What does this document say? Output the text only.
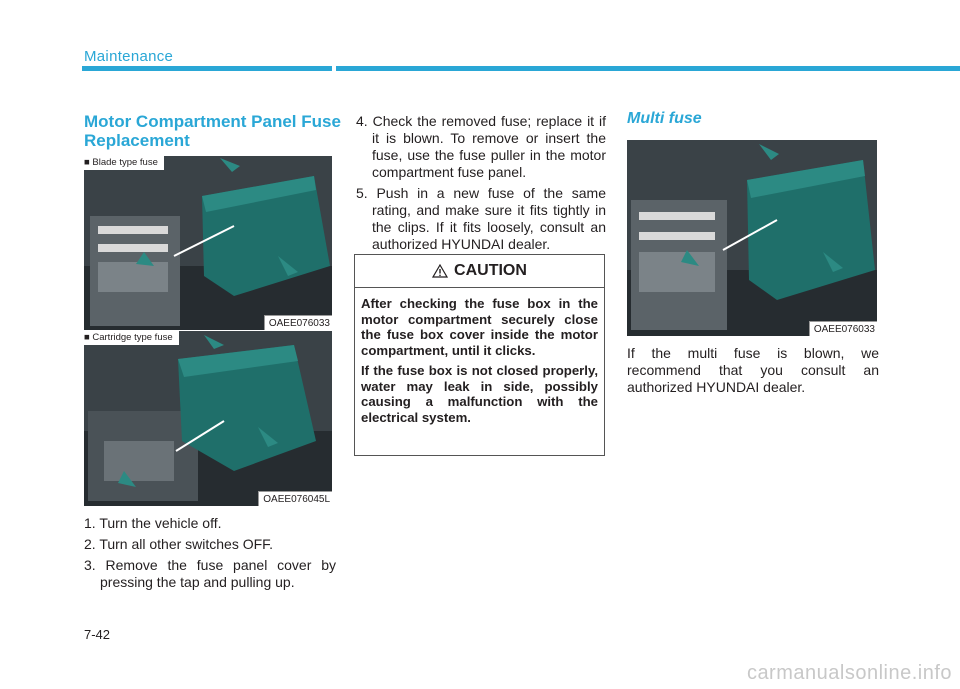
Maintenance
Motor Compartment Panel Fuse Replacement
■ Blade type fuse
OAEE076033
■ Cartridge type fuse
OAEE076045L
1. Turn the vehicle off.
2. Turn all other switches OFF.
3. Remove the fuse panel cover by pressing the tap and pulling up.
4. Check the removed fuse; replace it if it is blown. To remove or insert the fuse, use the fuse puller in the motor compartment fuse panel.
5. Push in a new fuse of the same rating, and make sure it fits tightly in the clips. If it fits loosely, consult an authorized HYUNDAI dealer.
CAUTION

After checking the fuse box in the motor compartment securely close the fuse box cover inside the motor compartment, until it clicks.

If the fuse box is not closed properly, water may leak in side, possibly causing a malfunction with the electrical system.

Multi fuse
OAEE076033

If the multi fuse is blown, we recommend that you consult an authorized HYUNDAI dealer.

7-42
carmanualsonline.info
